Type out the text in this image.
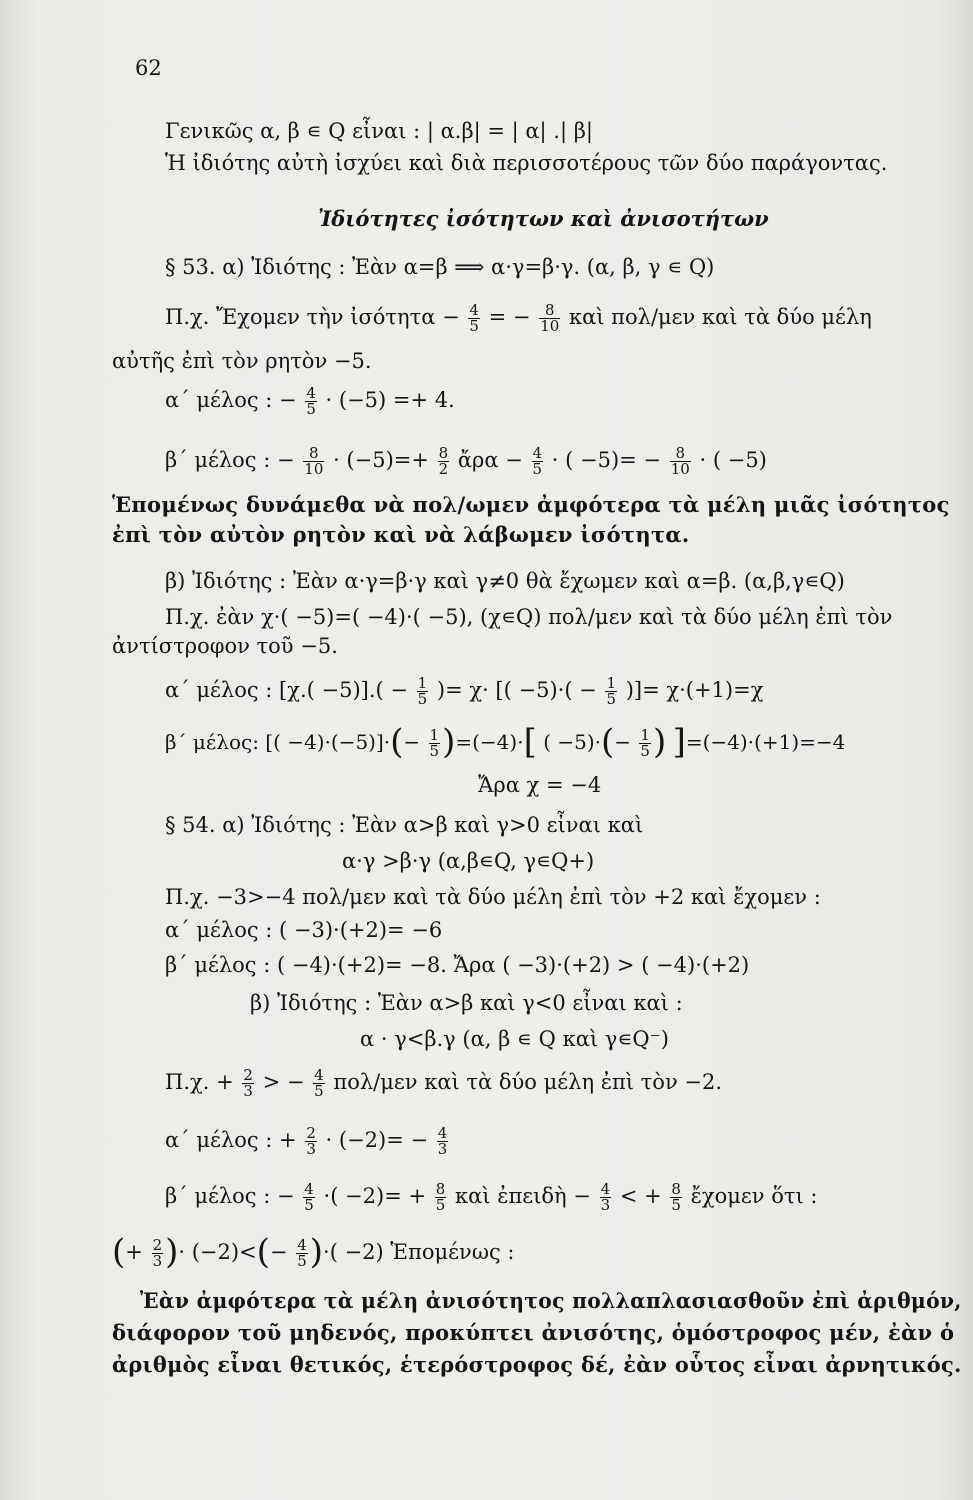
62
Γενικῶς α, β ∊ Q εἶναι : | α.β| = | α| .| β|
Ἡ ἰδιότης αὐτὴ ἰσχύει καὶ διὰ περισσοτέρους τῶν δύο παράγοντας.
Ἰδιότητες ἰσότητων καὶ ἀνισοτήτων
§ 53. α) Ἰδιότης : Ἐὰν α=β ⟹ α·γ=β·γ. (α, β, γ ∊ Q)
Π.χ. Ἔχομεν τὴν ἰσότητα − $\frac{4}{5}$ = − $\frac{8}{10}$ καὶ πολ/μεν καὶ τὰ δύο μέλη
αὐτῆς ἐπὶ τὸν ρητὸν −5.
α΄ μέλος : − $\frac{4}{5} \cdot (-5) =+ 4$.
β΄ μέλος : − $\frac{8}{10} \cdot (-5)=+ \frac{8}{2}$ ἄρα − $\frac{4}{5}$ · ( $-5)= - \frac{8}{10}$ · ( −5)
Ἑπομένως δυνάμεθα νὰ πολ/ωμεν ἀμφότερα τὰ μέλη μιᾶς ἰσότητος
ἐπὶ τὸν αὐτὸν ρητὸν καὶ νὰ λάβωμεν ἰσότητα.
β) Ἰδιότης : Ἐὰν α·γ=β·γ καὶ γ≠0 θὰ ἔχωμεν καὶ α=β. (α,β,γ∊Q)
Π.χ. ἐὰν χ·( −5)=( −4)·( −5), (χ∊Q) πολ/μεν καὶ τὰ δύο μέλη ἐπὶ τὸν
ἀντίστροφον τοῦ −5.
α΄ μέλος : $[\chi.( -5)].( - \frac{1}{5}$ )= χ· [( $-5)\cdot( - \frac{1}{5}$ )]= χ·(+1)=χ
β΄ μέλος: [( $-4)\cdot(-5)]\cdot(- \frac{1}{5} )=(-4)\cdot$[ ( $-5)\cdot(- \frac{1}{5}$ ) ]=(−4)·(+1)=−4
Ἄρα χ = −4
§ 54. α) Ἰδιότης : Ἐὰν α>β καὶ γ>0 εἶναι καὶ
α·γ >β·γ (α,β∊Q, γ∊Q+)
Π.χ. −3>−4 πολ/μεν καὶ τὰ δύο μέλη ἐπὶ τὸν +2 καὶ ἔχομεν :
α΄ μέλος : ( −3)·(+2)= −6
β΄ μέλος : ( −4)·(+2)= −8. Ἄρα ( −3)·(+2) > ( −4)·(+2)
β) Ἰδιότης : Ἐὰν α>β καὶ γ<0 εἶναι καὶ :
α · γ<β.γ (α, β ∊ Q καὶ γ∊Q⁻)
Π.χ. + $\frac{2}{3}$ > − $\frac{4}{5} \pi o\lambda/\mu\varepsilon\nu$ καὶ τὰ δύο μέλη ἐπὶ τὸν −2.
α΄ μέλος : + $\frac{2}{3} \cdot (-2)= - \frac{4}{3}$
β΄ μέλος : − $\frac{4}{5}$ ·( $-2)= + \frac{8}{5}$ καὶ ἐπειδὴ − $\frac{4}{3}$ < + $\frac{8}{5}$ ἔχομεν ὅτι :
(+ $\frac{2}{3}$ )· $(-2)<(- \frac{4}{5}$ )·( −2) Ἑπομένως :
Ἐὰν ἀμφότερα τὰ μέλη ἀνισότητος πολλαπλασιασθοῦν ἐπὶ ἀριθμόν,
διάφορον τοῦ μηδενός, προκύπτει ἀνισότης, ὁμόστροφος μέν, ἐὰν ὁ
ἀριθμὸς εἶναι θετικός, ἑτερόστροφος δέ, ἐὰν οὗτος εἶναι ἀρνητικός.
